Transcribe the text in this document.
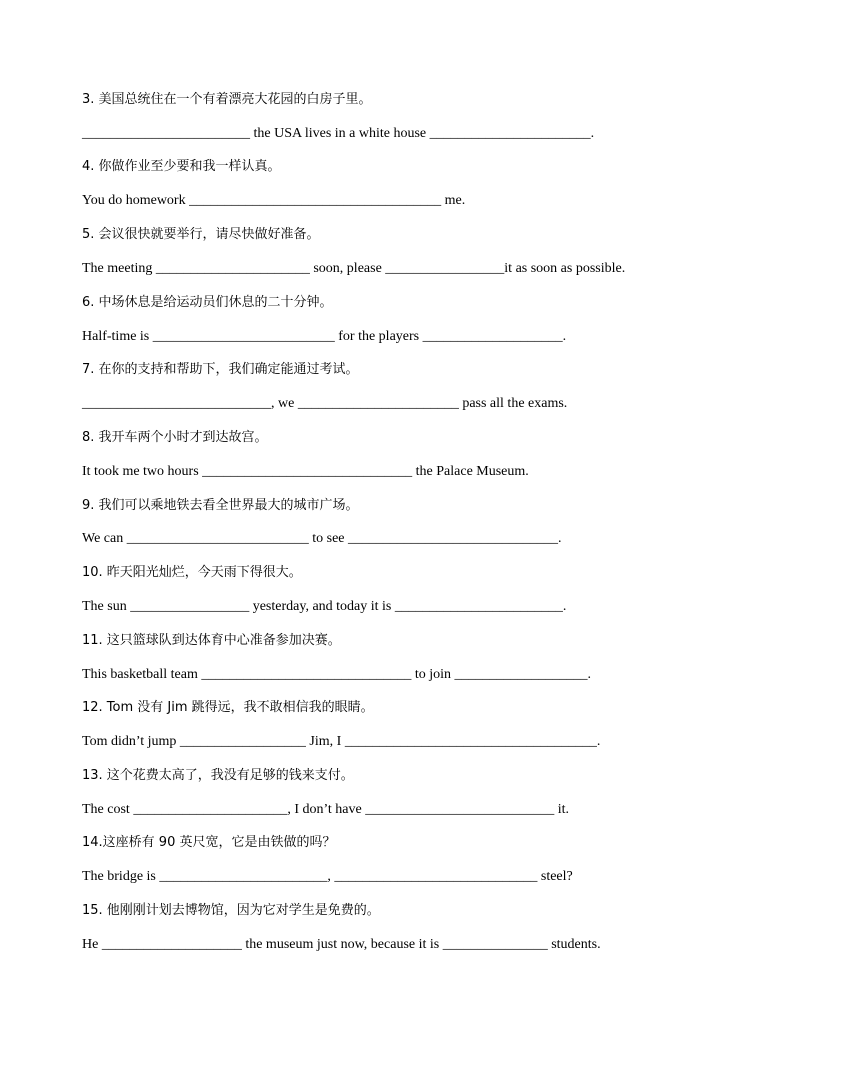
3. 美国总统住在一个有着漂亮大花园的白房子里。
________________________ the USA lives in a white house _______________________.
4. 你做作业至少要和我一样认真。
You do homework ____________________________________ me.
5. 会议很快就要举行，请尽快做好准备。
The meeting ______________________ soon, please _________________it as soon as possible.
6. 中场休息是给运动员们休息的二十分钟。
Half-time is __________________________ for the players ____________________.
7. 在你的支持和帮助下，我们确定能通过考试。
___________________________, we _______________________ pass all the exams.
8. 我开车两个小时才到达故宫。
It took me two hours ______________________________ the Palace Museum.
9. 我们可以乘地铁去看全世界最大的城市广场。
We can __________________________ to see ______________________________.
10. 昨天阳光灿烂，今天雨下得很大。
The sun _________________ yesterday, and today it is ________________________.
11. 这只篮球队到达体育中心准备参加决赛。
This basketball team ______________________________ to join ___________________.
12. Tom 没有 Jim 跳得远，我不敢相信我的眼睛。
Tom didn’t jump __________________ Jim, I ____________________________________.
13. 这个花费太高了，我没有足够的钱来支付。
The cost ______________________, I don’t have ___________________________ it.
14.这座桥有 90 英尺宽，它是由铁做的吗？
The bridge is ________________________, _____________________________ steel?
15. 他刚刚计划去博物馆，因为它对学生是免费的。
He ____________________ the museum just now, because it is _______________ students.
